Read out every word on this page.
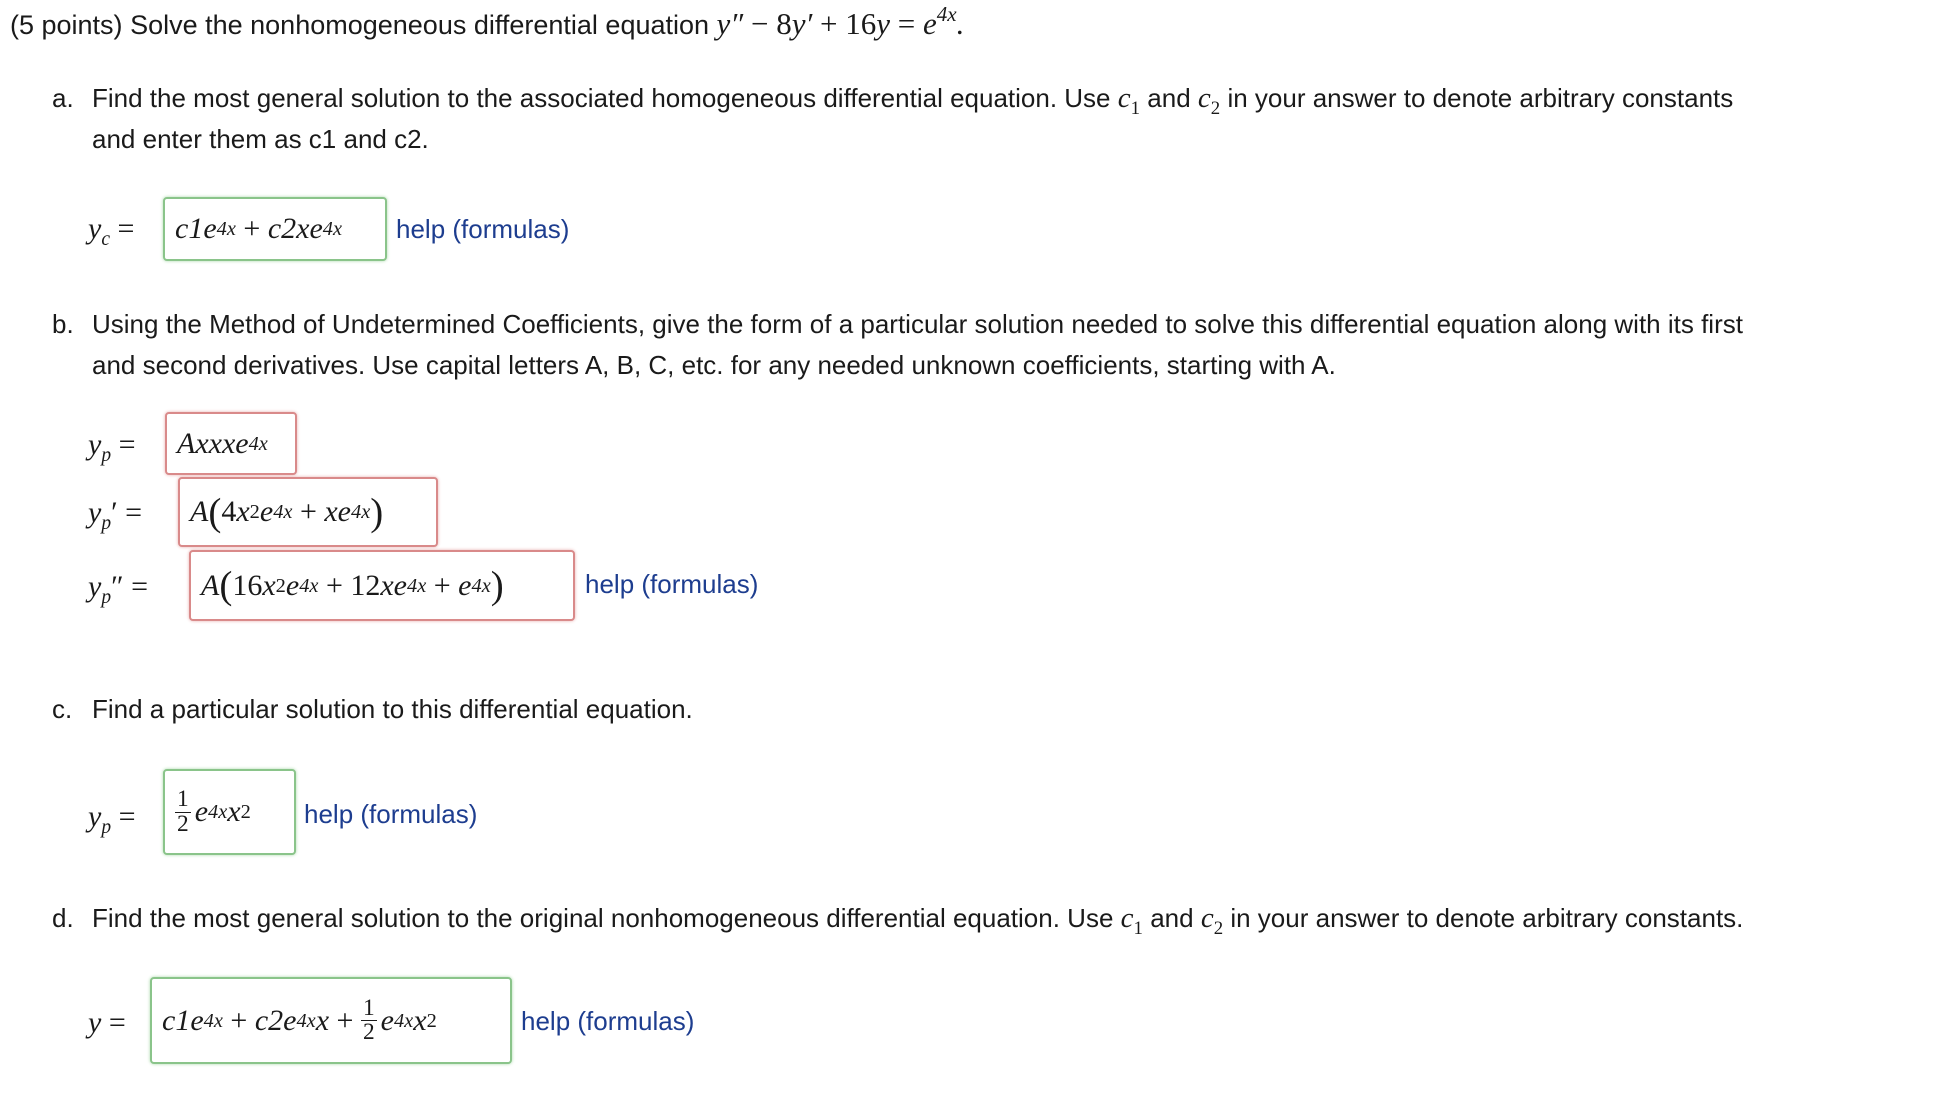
(5 points) Solve the nonhomogeneous differential equation $y'' - 8y' + 16y = e^{4x}$.
a. Find the most general solution to the associated homogeneous differential equation. Use $c_1$ and $c_2$ in your answer to denote arbitrary constants
and enter them as c1 and c2.
$y_c$ =	c1e 4x
+ c2xe 4x help (formulas)
b. Using the Method of Undetermined Coefficients, give the form of a particular solution needed to solve this differential equation along with its first
and second derivatives. Use capital letters A, B, C, etc. for any needed unknown coefficients, starting with A.
$y_p$ =	Axxxe 4x
$y_p'$ =	A ( 4 x 2 e 4x
+ xe 4x )
$y_p''$ =	A ( 16 x 2 e 4x
+ 12 xe 4x
+ e 4x )	help (formulas)
c. Find a particular solution to this differential equation.
$y_p = \frac{1}{2}$ e 4x x 2 help (formulas)
d. Find the most general solution to the original nonhomogeneous differential equation. Use $c_1$ and $c_2$ in your answer to denote arbitrary constants.
y =	c1e 4x
+ c2e 4x x +
$\frac{1}{2}$ e 4x x 2	help (formulas)
